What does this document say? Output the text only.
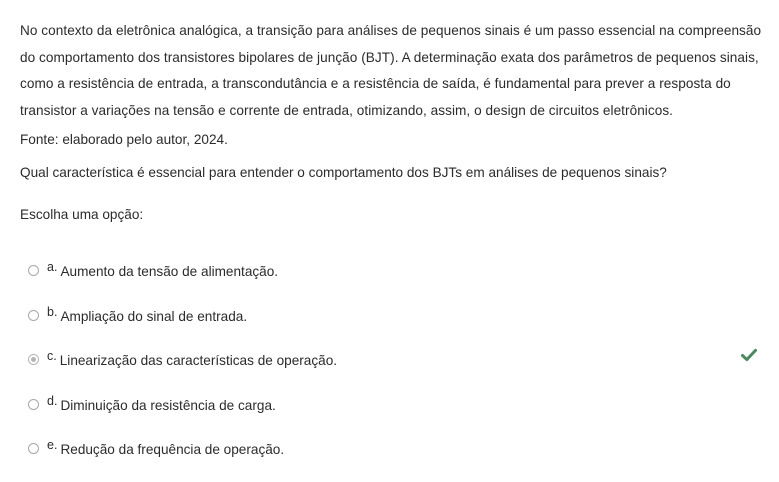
No contexto da eletrônica analógica, a transição para análises de pequenos sinais é um passo essencial na compreensão do comportamento dos transistores bipolares de junção (BJT). A determinação exata dos parâmetros de pequenos sinais, como a resistência de entrada, a transcondutância e a resistência de saída, é fundamental para prever a resposta do transistor a variações na tensão e corrente de entrada, otimizando, assim, o design de circuitos eletrônicos.

Fonte: elaborado pelo autor, 2024.

Qual característica é essencial para entender o comportamento dos BJTs em análises de pequenos sinais?

Escolha uma opção:

a. Aumento da tensão de alimentação.
b. Ampliação do sinal de entrada.
c. Linearização das características de operação.
d. Diminuição da resistência de carga.
e. Redução da frequência de operação.
